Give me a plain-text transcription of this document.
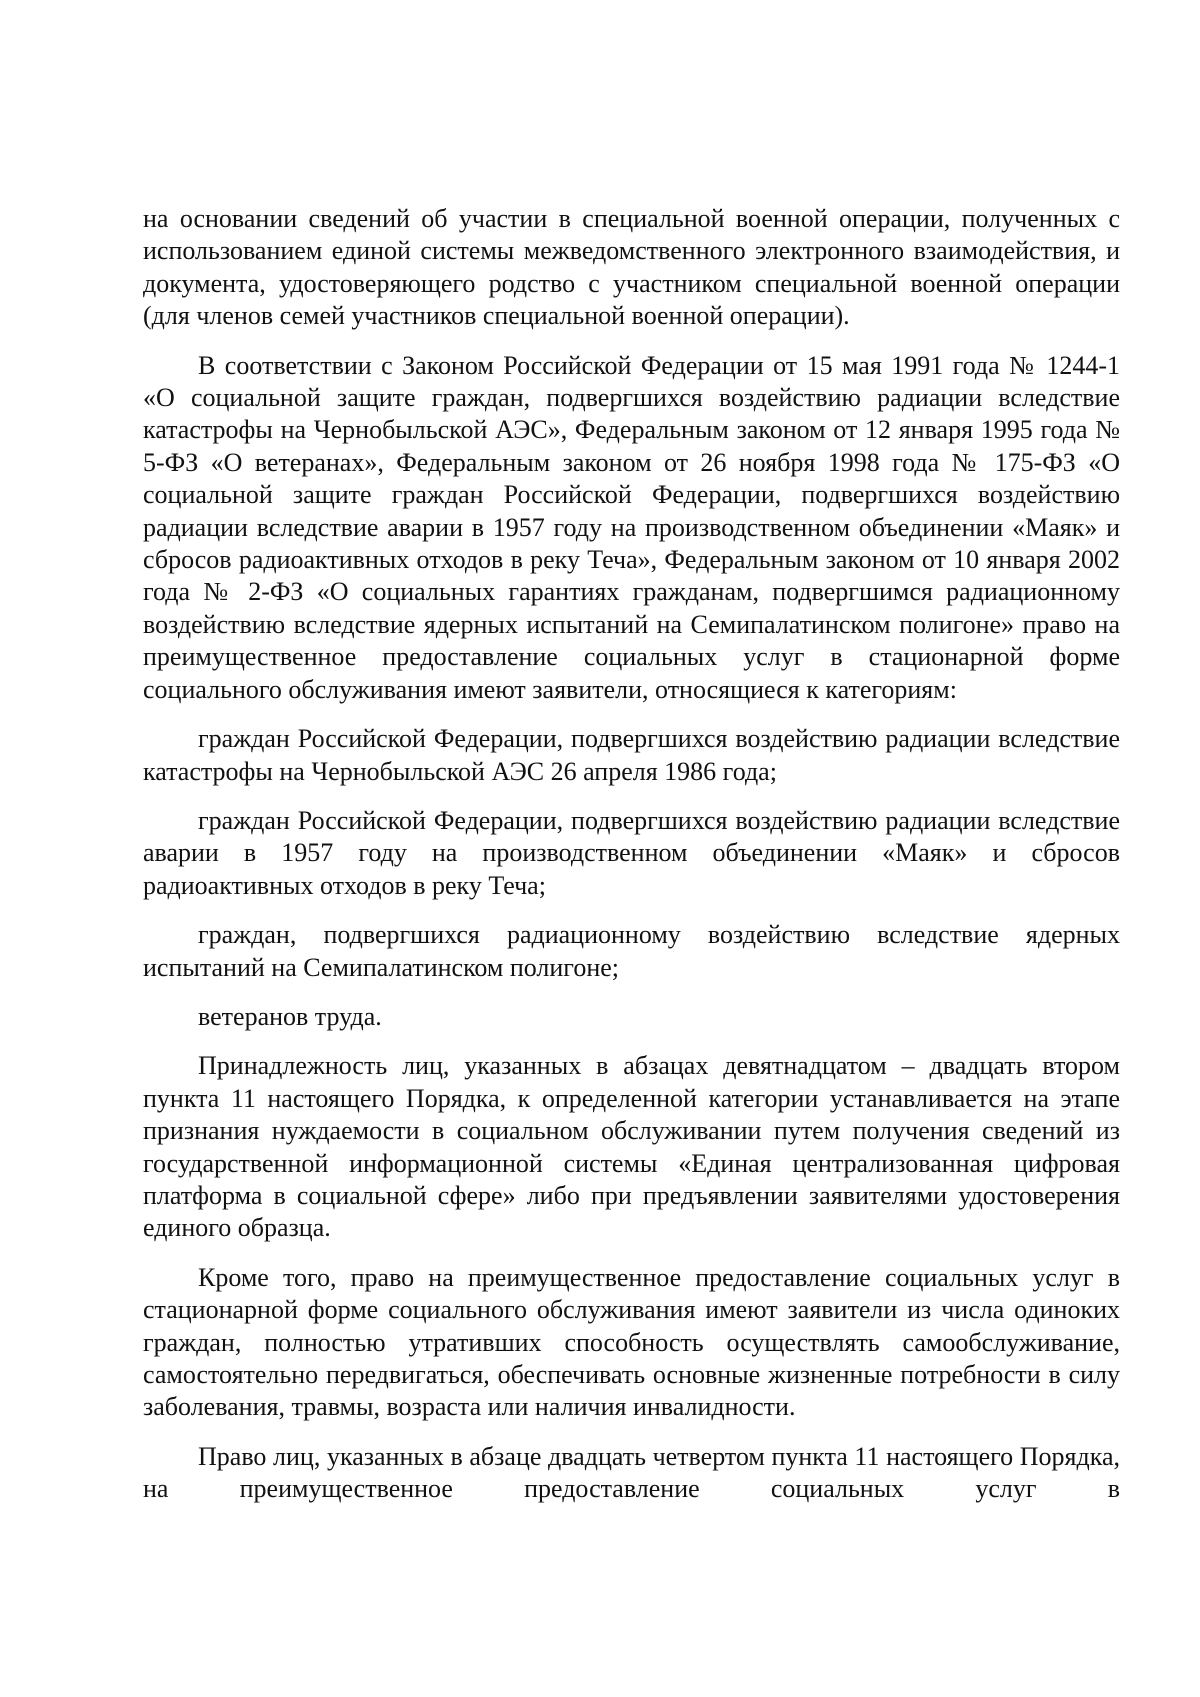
на основании сведений об участии в специальной военной операции, полученных с использованием единой системы межведомственного электронного взаимодействия, и документа, удостоверяющего родство с участником специальной военной операции (для членов семей участников специальной военной операции).

В соответствии с Законом Российской Федерации от 15 мая 1991 года № 1244-1 «О социальной защите граждан, подвергшихся воздействию радиации вследствие катастрофы на Чернобыльской АЭС», Федеральным законом от 12 января 1995 года № 5-ФЗ «О ветеранах», Федеральным законом от 26 ноября 1998 года № 175-ФЗ «О социальной защите граждан Российской Федерации, подвергшихся воздействию радиации вследствие аварии в 1957 году на производственном объединении «Маяк» и сбросов радиоактивных отходов в реку Теча», Федеральным законом от 10 января 2002 года № 2-ФЗ «О социальных гарантиях гражданам, подвергшимся радиационному воздействию вследствие ядерных испытаний на Семипалатинском полигоне» право на преимущественное предоставление социальных услуг в стационарной форме социального обслуживания имеют заявители, относящиеся к категориям:

граждан Российской Федерации, подвергшихся воздействию радиации вследствие катастрофы на Чернобыльской АЭС 26 апреля 1986 года;

граждан Российской Федерации, подвергшихся воздействию радиации вследствие аварии в 1957 году на производственном объединении «Маяк» и сбросов радиоактивных отходов в реку Теча;

граждан, подвергшихся радиационному воздействию вследствие ядерных испытаний на Семипалатинском полигоне;

ветеранов труда.

Принадлежность лиц, указанных в абзацах девятнадцатом – двадцать втором пункта 11 настоящего Порядка, к определенной категории устанавливается на этапе признания нуждаемости в социальном обслуживании путем получения сведений из государственной информационной системы «Единая централизованная цифровая платформа в социальной сфере» либо при предъявлении заявителями удостоверения единого образца.

Кроме того, право на преимущественное предоставление социальных услуг в стационарной форме социального обслуживания имеют заявители из числа одиноких граждан, полностью утративших способность осуществлять самообслуживание, самостоятельно передвигаться, обеспечивать основные жизненные потребности в силу заболевания, травмы, возраста или наличия инвалидности.

Право лиц, указанных в абзаце двадцать четвертом пункта 11 настоящего Порядка, на преимущественное предоставление социальных услуг в
